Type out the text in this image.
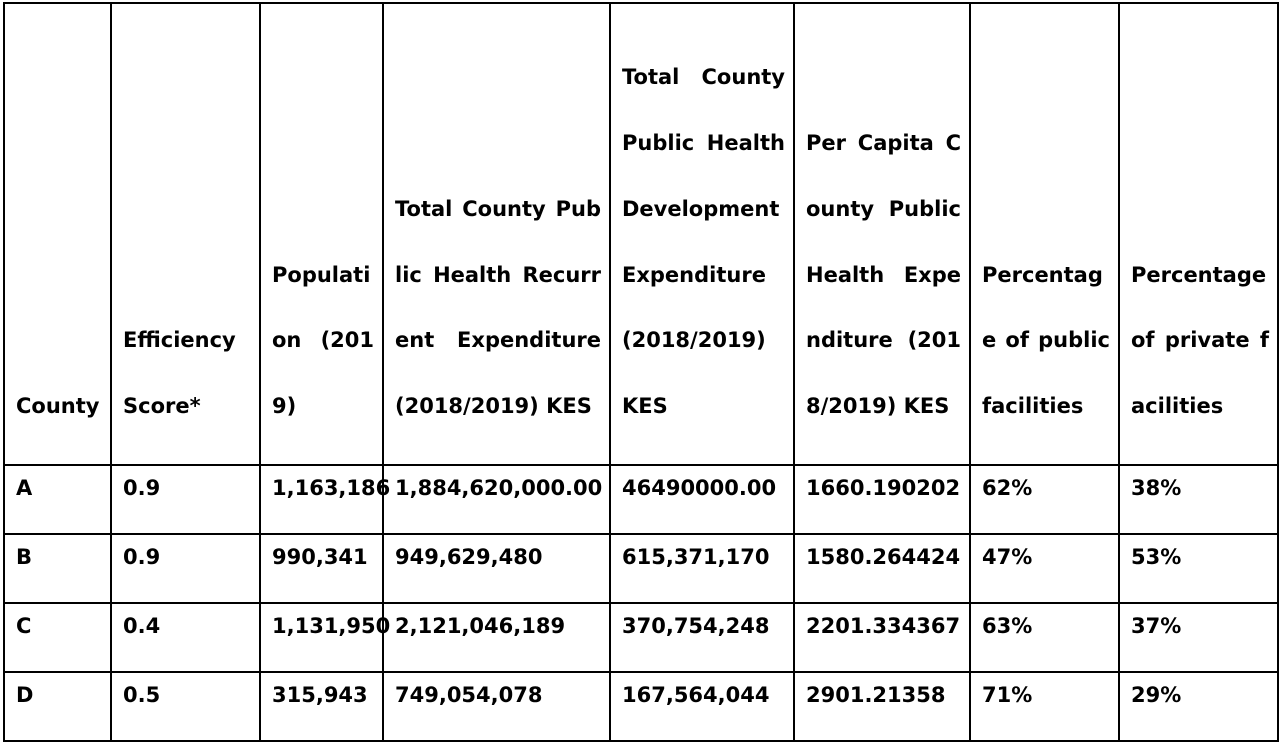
County	Efficiency Score*	Population (2019)	Total County Public Health Recurrent Expenditure (2018/2019) KES	Total County Public Health Development Expenditure (2018/2019) KES	Per Capita County Public Health Expenditure (2018/2019) KES	Percentage of public facilities	Percentage of private facilities

A	0.9	1,163,186	1,884,620,000.00	46490000.00	1660.190202	62%	38%
B	0.9	990,341	949,629,480	615,371,170	1580.264424	47%	53%
C	0.4	1,131,950	2,121,046,189	370,754,248	2201.334367	63%	37%
D	0.5	315,943	749,054,078	167,564,044	2901.21358	71%	29%
